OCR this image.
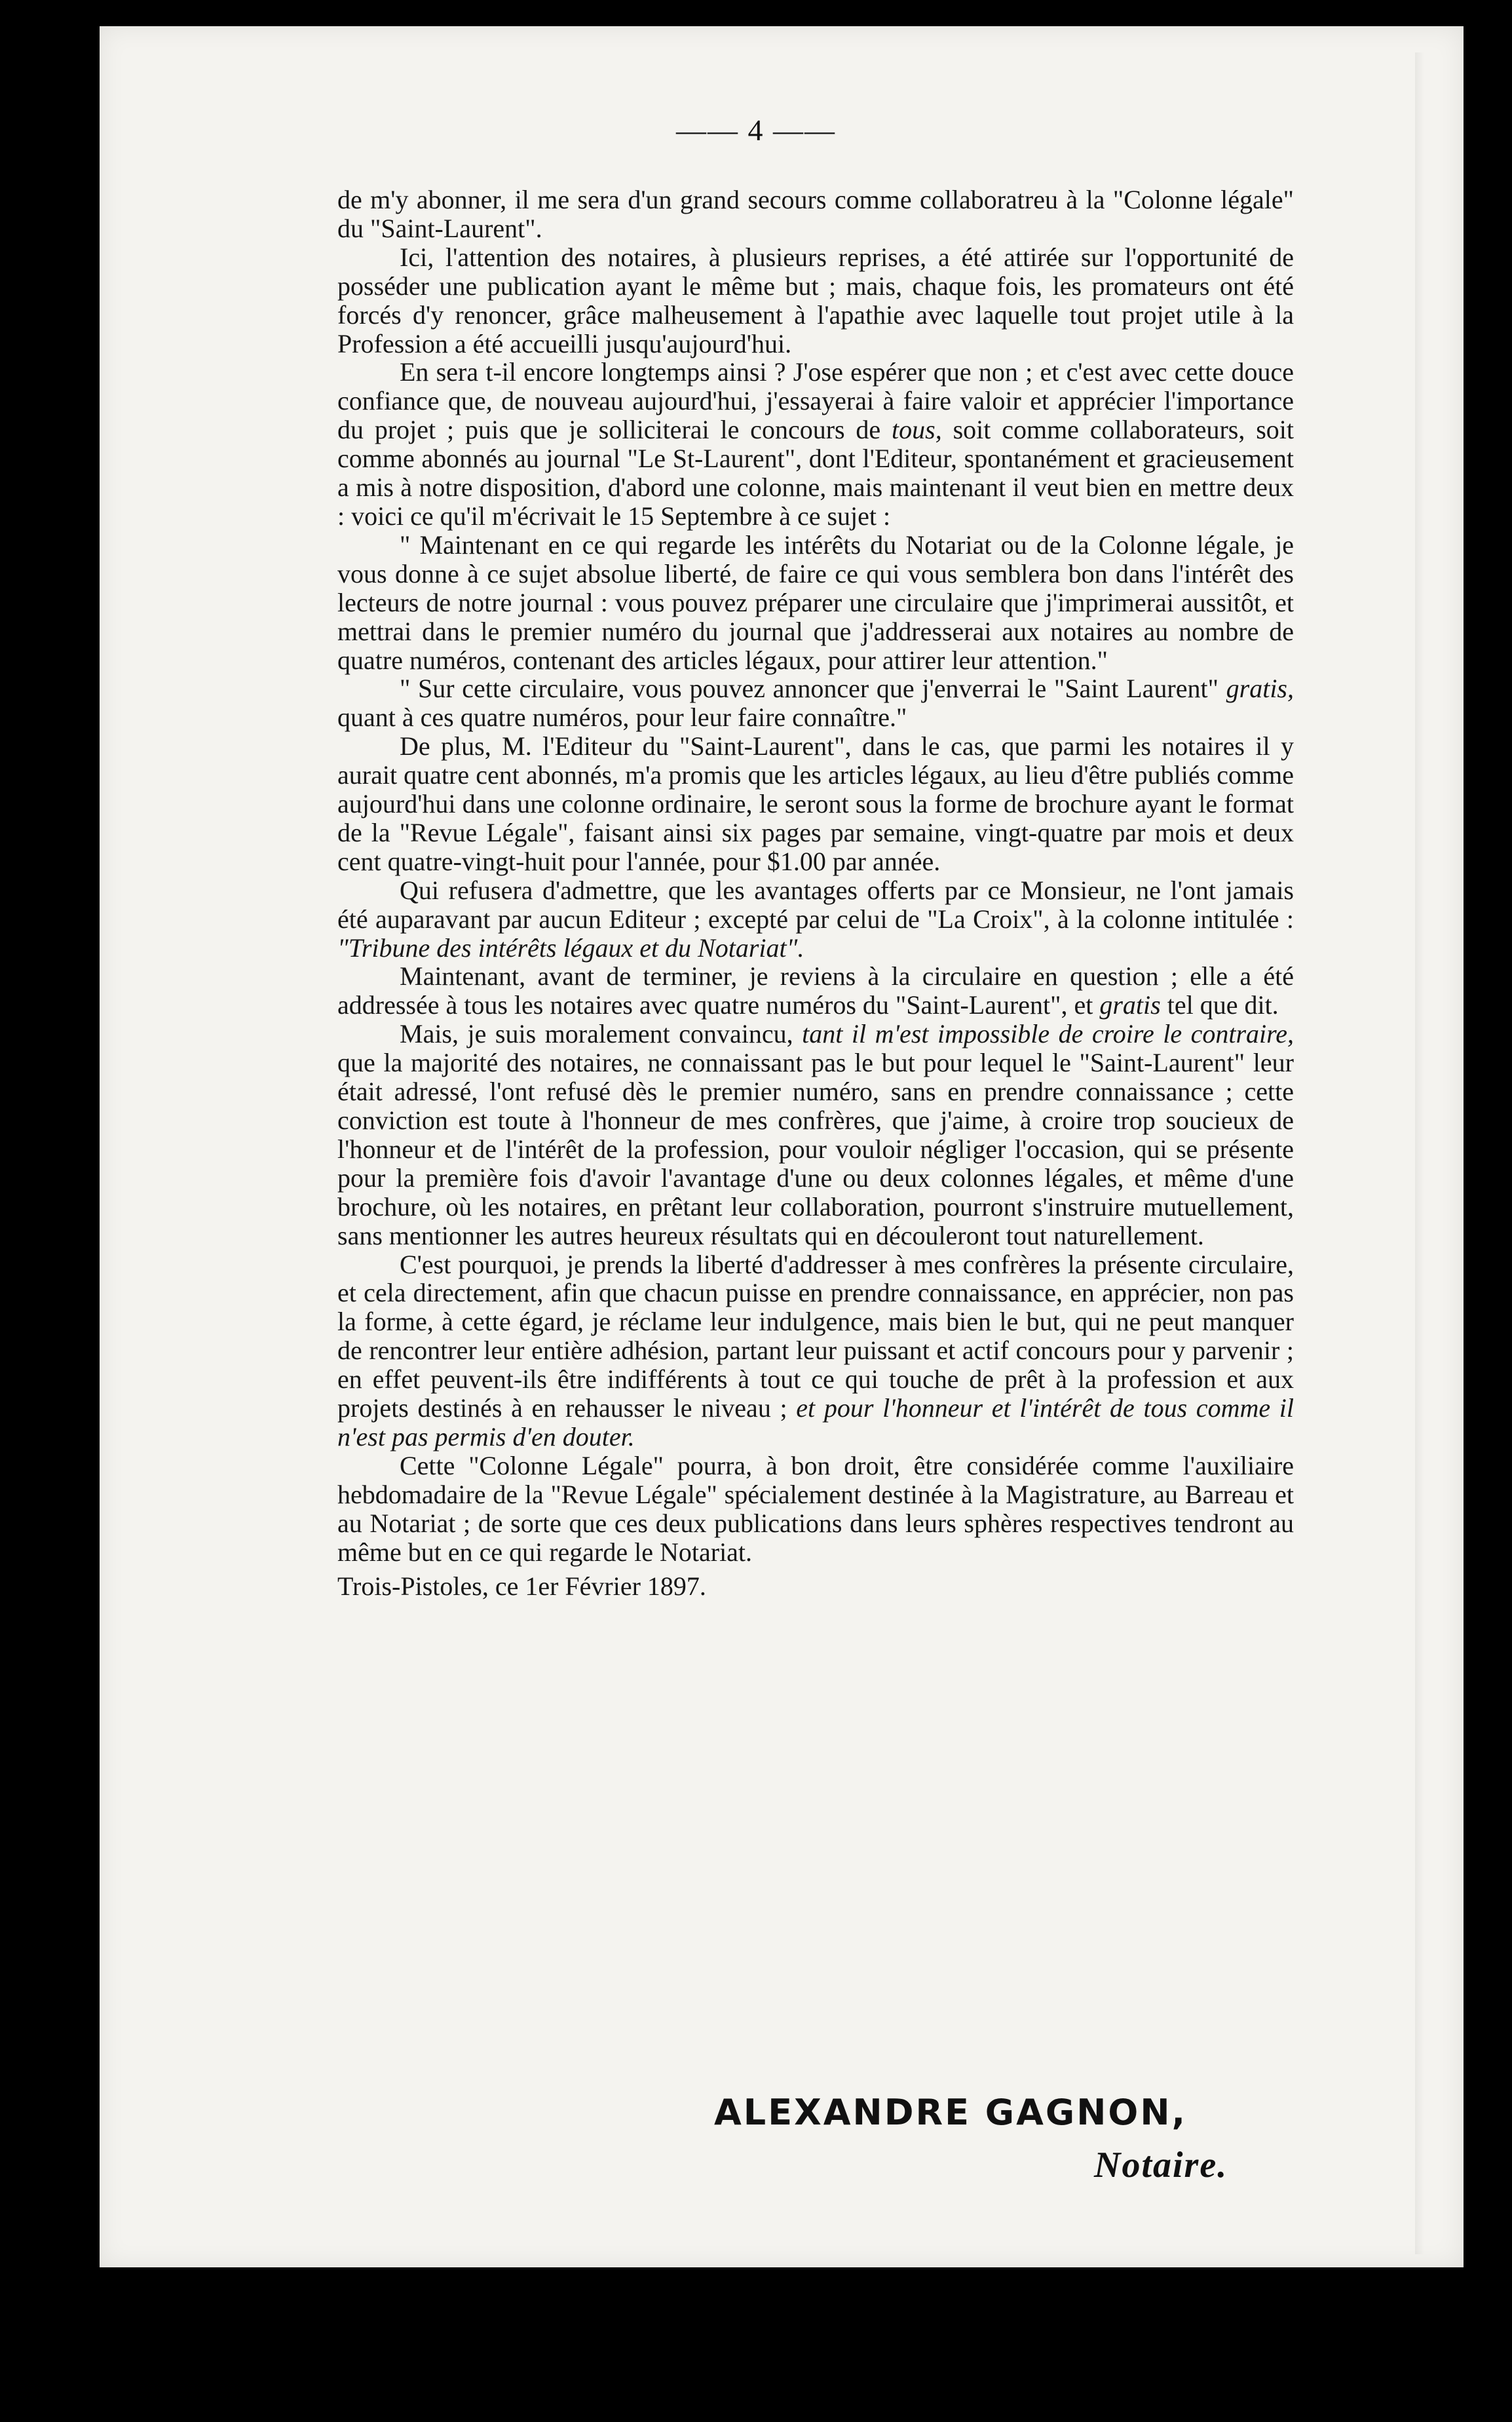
—— 4 ——

de m'y abonner, il me sera d'un grand secours comme collaboratreu à la "Colonne légale" du "Saint-Laurent".

Ici, l'attention des notaires, à plusieurs reprises, a été attirée sur l'opportunité de posséder une publication ayant le même but ; mais, chaque fois, les promateurs ont été forcés d'y renoncer, grâce malheusement à l'apathie avec laquelle tout projet utile à la Profession a été accueilli jusqu'aujourd'hui.

En sera t-il encore longtemps ainsi ? J'ose espérer que non ; et c'est avec cette douce confiance que, de nouveau aujourd'hui, j'essayerai à faire valoir et apprécier l'importance du projet ; puis que je solliciterai le concours de tous, soit comme collaborateurs, soit comme abonnés au journal "Le St-Laurent", dont l'Editeur, spontanément et gracieusement a mis à notre disposition, d'abord une colonne, mais maintenant il veut bien en mettre deux : voici ce qu'il m'écrivait le 15 Septembre à ce sujet :

" Maintenant en ce qui regarde les intérêts du Notariat ou de la Colonne légale, je vous donne à ce sujet absolue liberté, de faire ce qui vous semblera bon dans l'intérêt des lecteurs de notre journal : vous pouvez préparer une circulaire que j'imprimerai aussitôt, et mettrai dans le premier numéro du journal que j'addresserai aux notaires au nombre de quatre numéros, contenant des articles légaux, pour attirer leur attention."

" Sur cette circulaire, vous pouvez annoncer que j'enverrai le "Saint Laurent" gratis, quant à ces quatre numéros, pour leur faire connaître."

De plus, M. l'Editeur du "Saint-Laurent", dans le cas, que parmi les notaires il y aurait quatre cent abonnés, m'a promis que les articles légaux, au lieu d'être publiés comme aujourd'hui dans une colonne ordinaire, le seront sous la forme de brochure ayant le format de la "Revue Légale", faisant ainsi six pages par semaine, vingt-quatre par mois et deux cent quatre-vingt-huit pour l'année, pour $1.00 par année.

Qui refusera d'admettre, que les avantages offerts par ce Monsieur, ne l'ont jamais été auparavant par aucun Editeur ; excepté par celui de "La Croix", à la colonne intitulée : "Tribune des intérêts légaux et du Notariat".

Maintenant, avant de terminer, je reviens à la circulaire en question ; elle a été addressée à tous les notaires avec quatre numéros du "Saint-Laurent", et gratis tel que dit.

Mais, je suis moralement convaincu, tant il m'est impossible de croire le contraire, que la majorité des notaires, ne connaissant pas le but pour lequel le "Saint-Laurent" leur était adressé, l'ont refusé dès le premier numéro, sans en prendre connaissance ; cette conviction est toute à l'honneur de mes confrères, que j'aime, à croire trop soucieux de l'honneur et de l'intérêt de la profession, pour vouloir négliger l'occasion, qui se présente pour la première fois d'avoir l'avantage d'une ou deux colonnes légales, et même d'une brochure, où les notaires, en prêtant leur collaboration, pourront s'instruire mutuellement, sans mentionner les autres heureux résultats qui en découleront tout naturellement.

C'est pourquoi, je prends la liberté d'addresser à mes confrères la présente circulaire, et cela directement, afin que chacun puisse en prendre connaissance, en apprécier, non pas la forme, à cette égard, je réclame leur indulgence, mais bien le but, qui ne peut manquer de rencontrer leur entière adhésion, partant leur puissant et actif concours pour y parvenir ; en effet peuvent-ils être indifférents à tout ce qui touche de prêt à la profession et aux projets destinés à en rehausser le niveau ; et pour l'honneur et l'intérêt de tous comme il n'est pas permis d'en douter.

Cette "Colonne Légale" pourra, à bon droit, être considérée comme l'auxiliaire hebdomadaire de la "Revue Légale" spécialement destinée à la Magistrature, au Barreau et au Notariat ; de sorte que ces deux publications dans leurs sphères respectives tendront au même but en ce qui regarde le Notariat.

Trois-Pistoles, ce 1er Février 1897.

ALEXANDRE GAGNON,
Notaire.
